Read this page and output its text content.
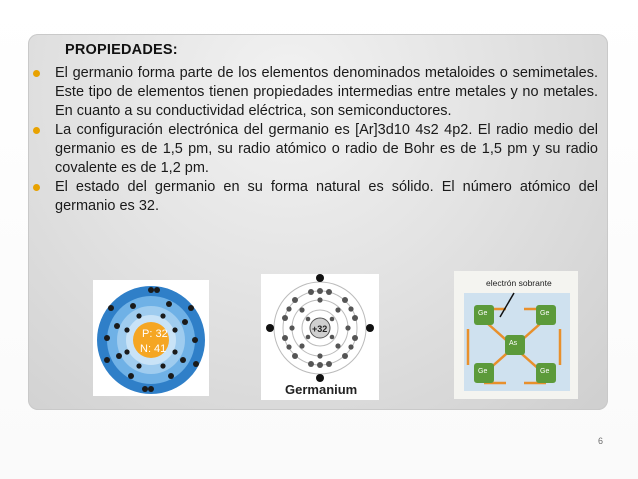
PROPIEDADES:
El germanio forma parte de los elementos denominados metaloides o semimetales. Este tipo de elementos tienen propiedades intermedias entre metales y no metales. En cuanto a su conductividad eléctrica, son semiconductores.
La configuración electrónica del germanio es [Ar]3d10 4s2 4p2. El radio medio del germanio es de 1,5 pm, su radio atómico o radio de Bohr es de 1,5 pm y su radio covalente es de 1,2 pm.
El estado del germanio en su forma natural es sólido. El número atómico del germanio es 32.
P: 32
N: 41
+32
Germanium
electrón sobrante
Ge	Ge
As
Ge	Ge
6
